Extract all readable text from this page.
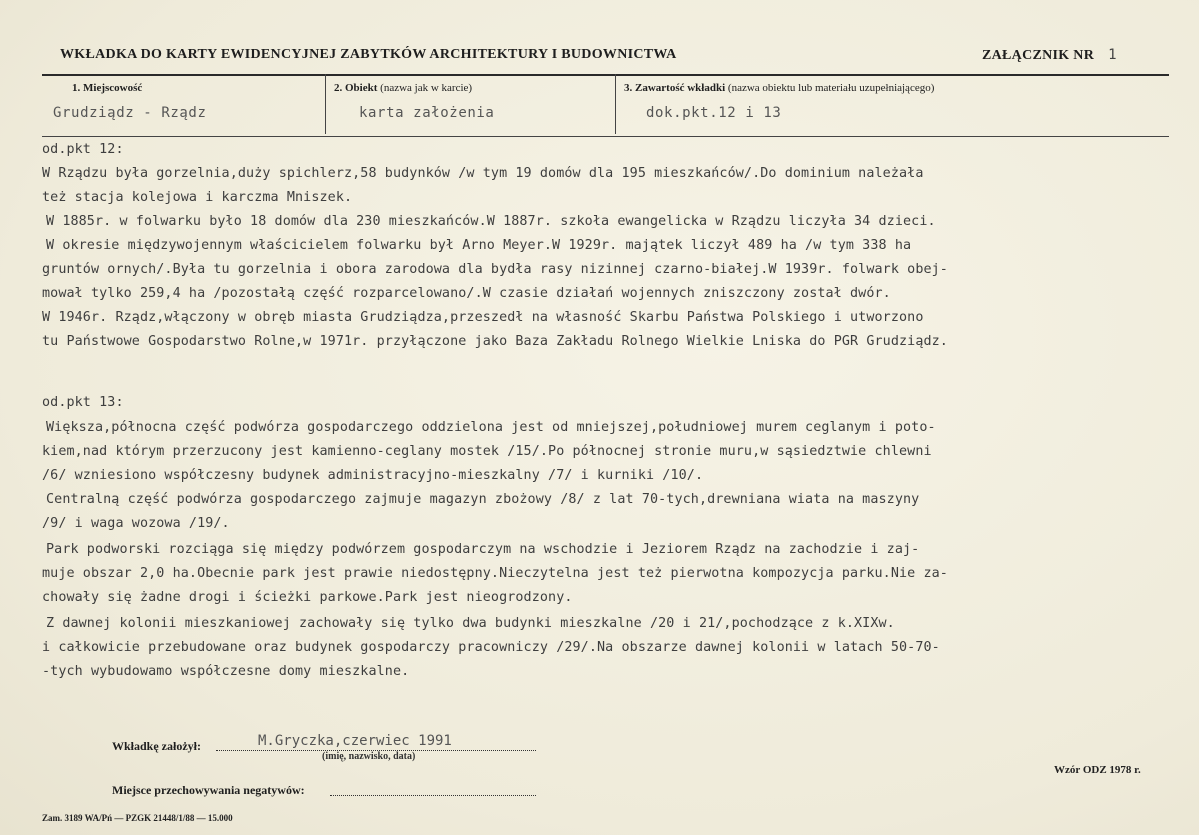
WKŁADKA DO KARTY EWIDENCYJNEJ ZABYTKÓW ARCHITEKTURY I BUDOWNICTWA	ZAŁĄCZNIK NR 1
1. Miejscowość
Grudziądz - Rządz
2. Obiekt (nazwa jak w karcie)
karta założenia
3. Zawartość wkładki (nazwa obiektu lub materiału uzupełniającego)
dok.pkt.12 i 13
od.pkt 12:
W Rządzu była gorzelnia,duży spichlerz,58 budynków /w tym 19 domów dla 195 mieszkańców/.Do dominium należała
też stacja kolejowa i karczma Mniszek.
W 1885r. w folwarku było 18 domów dla 230 mieszkańców.W 1887r. szkoła ewangelicka w Rządzu liczyła 34 dzieci.
W okresie międzywojennym właścicielem folwarku był Arno Meyer.W 1929r. majątek liczył 489 ha /w tym 338 ha
gruntów ornych/.Była tu gorzelnia i obora zarodowa dla bydła rasy nizinnej czarno-białej.W 1939r. folwark obej-
mował tylko 259,4 ha /pozostałą część rozparcelowano/.W czasie działań wojennych zniszczony został dwór.
W 1946r. Rządz,włączony w obręb miasta Grudziądza,przeszedł na własność Skarbu Państwa Polskiego i utworzono
tu Państwowe Gospodarstwo Rolne,w 1971r. przyłączone jako Baza Zakładu Rolnego Wielkie Lniska do PGR Grudziądz.
od.pkt 13:
Większa,północna część podwórza gospodarczego oddzielona jest od mniejszej,południowej murem ceglanym i poto-
kiem,nad którym przerzucony jest kamienno-ceglany mostek /15/.Po północnej stronie muru,w sąsiedztwie chlewni
/6/ wzniesiono współczesny budynek administracyjno-mieszkalny /7/ i kurniki /10/.
Centralną część podwórza gospodarczego zajmuje magazyn zbożowy /8/ z lat 70-tych,drewniana wiata na maszyny
/9/ i waga wozowa /19/.
Park podworski rozciąga się między podwórzem gospodarczym na wschodzie i Jeziorem Rządz na zachodzie i zaj-
muje obszar 2,0 ha.Obecnie park jest prawie niedostępny.Nieczytelna jest też pierwotna kompozycja parku.Nie za-
chowały się żadne drogi i ścieżki parkowe.Park jest nieogrodzony.
Z dawnej kolonii mieszkaniowej zachowały się tylko dwa budynki mieszkalne /20 i 21/,pochodzące z k.XIXw.
i całkowicie przebudowane oraz budynek gospodarczy pracowniczy /29/.Na obszarze dawnej kolonii w latach 50-70-
-tych wybudowamo współczesne domy mieszkalne.
Wkładkę założył:	M.Gryczka,czerwiec 1991
(imię, nazwisko, data)
Miejsce przechowywania negatywów:
Wzór ODZ 1978 r.
Zam. 3189 WA/Pń — PZGK 21448/1/88 — 15.000
